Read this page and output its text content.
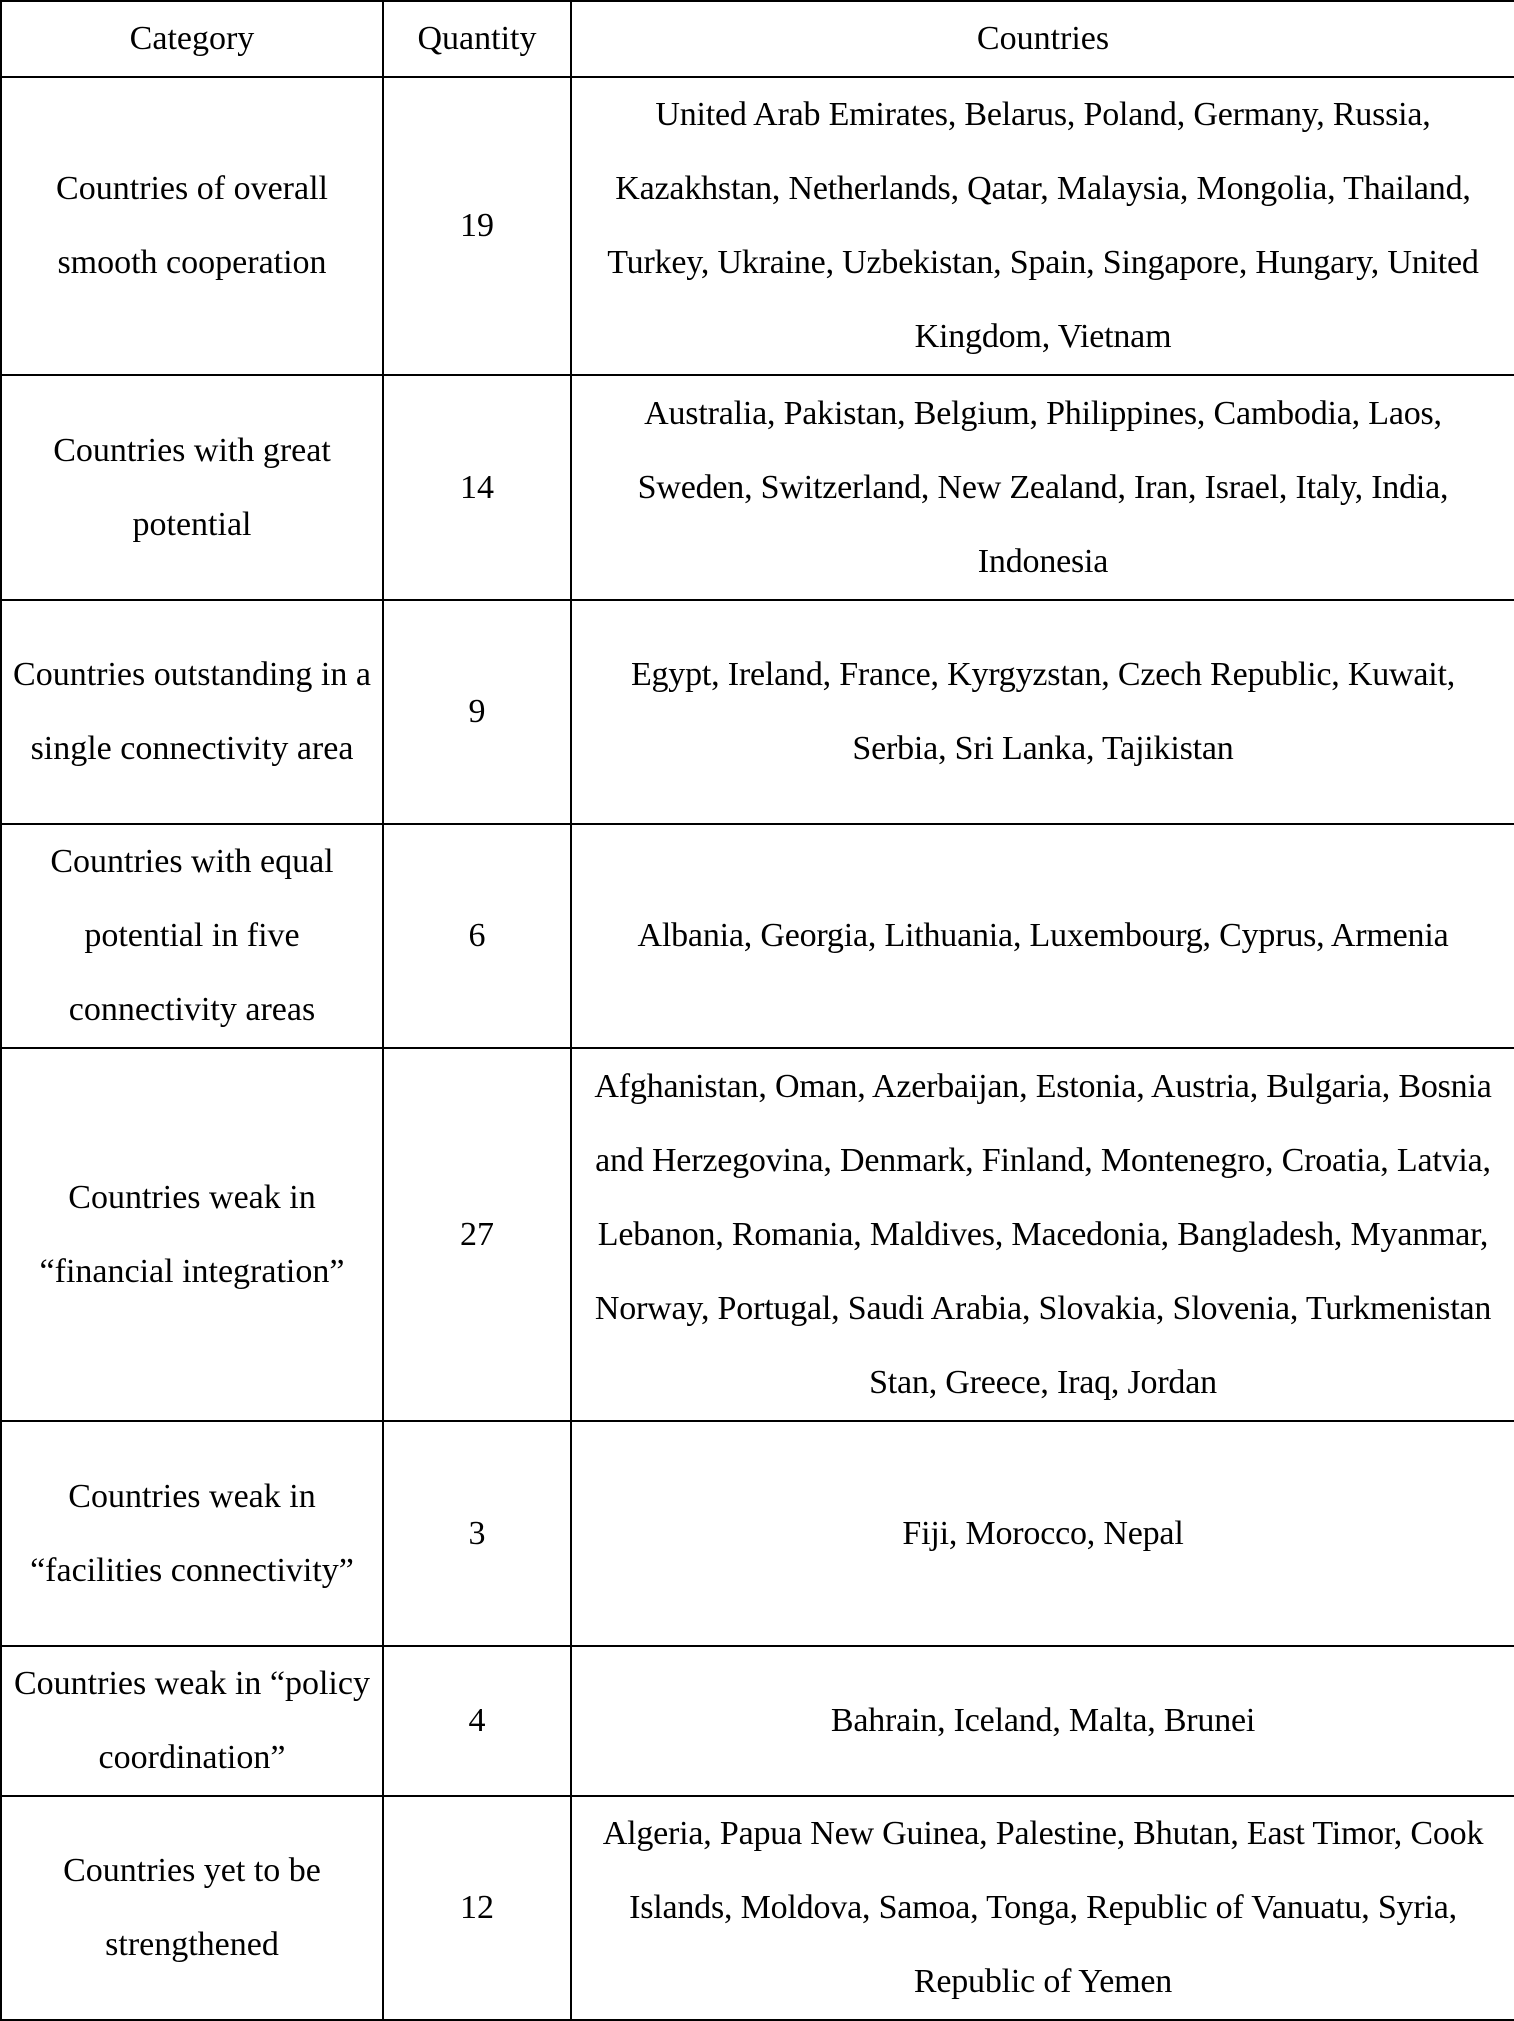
Category	Quantity	Countries
Countries of overall smooth cooperation	19	United Arab Emirates, Belarus, Poland, Germany, Russia, Kazakhstan, Netherlands, Qatar, Malaysia, Mongolia, Thailand, Turkey, Ukraine, Uzbekistan, Spain, Singapore, Hungary, United Kingdom, Vietnam
Countries with great potential	14	Australia, Pakistan, Belgium, Philippines, Cambodia, Laos, Sweden, Switzerland, New Zealand, Iran, Israel, Italy, India, Indonesia
Countries outstanding in a single connectivity area	9	Egypt, Ireland, France, Kyrgyzstan, Czech Republic, Kuwait, Serbia, Sri Lanka, Tajikistan
Countries with equal potential in five connectivity areas	6	Albania, Georgia, Lithuania, Luxembourg, Cyprus, Armenia
Countries weak in “financial integration”	27	Afghanistan, Oman, Azerbaijan, Estonia, Austria, Bulgaria, Bosnia and Herzegovina, Denmark, Finland, Montenegro, Croatia, Latvia, Lebanon, Romania, Maldives, Macedonia, Bangladesh, Myanmar, Norway, Portugal, Saudi Arabia, Slovakia, Slovenia, Turkmenistan Stan, Greece, Iraq, Jordan
Countries weak in “facilities connectivity”	3	Fiji, Morocco, Nepal
Countries weak in “policy coordination”	4	Bahrain, Iceland, Malta, Brunei
Countries yet to be strengthened	12	Algeria, Papua New Guinea, Palestine, Bhutan, East Timor, Cook Islands, Moldova, Samoa, Tonga, Republic of Vanuatu, Syria, Republic of Yemen
